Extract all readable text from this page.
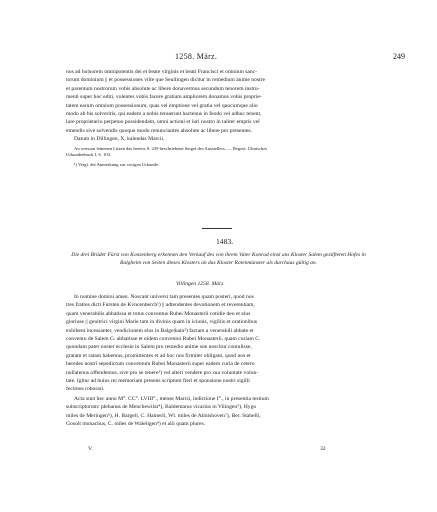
1258. März.	249
nos ad ho|norem omnipotentis dei et beate virginis et beati Francisci et omnium sanc-
torum dominium || et possessiones ville que Seuilingen dicitur in remedium anime nostre
et parentum nostrorum vobis absolute ac libere donavermus secundum tenorem instru-
menti super hoc editi, volentes vobis facere gratiam ampliorem donamus vobis proprie-
tatem earum omnium possessionum, quas vel emptione vel gratia vel quocumque alio
modo ab his solveritis, qui eadem a nobis tenuerunt hactenus in feodo vel adhuc tenent,
iure proprietario perpetuo possidendam, omni actioni et iuri nostro in taliter emptis vel
emendis sive solvendis quoque modo renunciantes absolute ac libere per presentes.
Datum in Dillingen, X. kalendas Marcii.
An weissen leinenen Litzen das bereits S. 239 beschriebene Siegel des Ausstellers. — Regest: Ulmisches
Urkundenbuch I, S. 103.
¹) Vergl. die Anmerkung zur vorigen Urkunde.
1483.
Die drei Brüder Fürst von Konzenberg erkennen den Verkauf des von ihrem Vater Konrad einst ans Kloster Salem gestifteten Hofes in Balgheim von Seiten dieses Klosters an das Kloster Rotenmünster als durchaus gültig an.
Villingen 1258. März.
In nomine domini amen. Noscant universi tam presentes quam posteri, quod nos
tres fratres dicti Fursten de Kvncenberch¹) || adtendentes devotionem et reverentiam,
quam venerabilis abbatissa et totus conventus Rubei Monasterii cotidie deo et eius
gloriose || genitrici virgini Marie tam in divinis quam in iciunis, vigiliis et orationibus
exhibent incessanter, vendicionem eius in Balge|hain²) factam a venerabili abbate et
conventu de Salem G. abbatisse et eidem conventui Rubei Monasterii, quam curiam C.
quondam pater noster ecclesie in Salem pro remedio anime sue noscitur contulisse,
gratam et ratam habemus, promittentes et ad hoc nos firmiter obligant, quod nos et
heredes nostri sepedictum conventum Rubei Monasterii super eadem curia de cetero
nullatenus offendemus, sive pro se tenere³) vel alteri vendere pro sua voluntate volun-
tate. Igitur ad huius rei memoriam presens scriptum fieri et sponsione nostri sigilli
fecimus roborari.
Acta sunt hec anno M°. CC°. LVIII°., mense Marcii, indictione I°., in presentia testium
subscriptorum: plebanus de Menchewilar⁴), Baldemarus vicarius in Vilingen⁵), Hygo
miles de Meringen⁶), H. Bargeli, C. Hamerli, Wl. miles de Almishoven⁷), Ber. Stahelli,
Gosolt monachus, C. miles de Waleligen⁸) et alii quam plures.
V.	32
